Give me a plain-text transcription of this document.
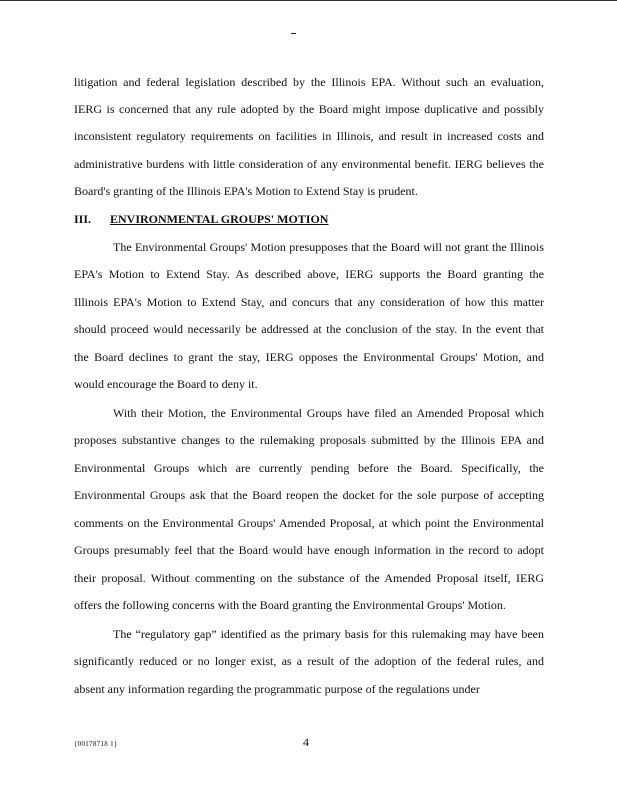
litigation and federal legislation described by the Illinois EPA. Without such an evaluation,
IERG is concerned that any rule adopted by the Board might impose duplicative and possibly
inconsistent regulatory requirements on facilities in Illinois, and result in increased costs and
administrative burdens with little consideration of any environmental benefit. IERG believes the
Board's granting of the Illinois EPA's Motion to Extend Stay is prudent.
III. ENVIRONMENTAL GROUPS' MOTION
The Environmental Groups' Motion presupposes that the Board will not grant the Illinois
EPA's Motion to Extend Stay. As described above, IERG supports the Board granting the
Illinois EPA's Motion to Extend Stay, and concurs that any consideration of how this matter
should proceed would necessarily be addressed at the conclusion of the stay. In the event that
the Board declines to grant the stay, IERG opposes the Environmental Groups' Motion, and
would encourage the Board to deny it.
With their Motion, the Environmental Groups have filed an Amended Proposal which
proposes substantive changes to the rulemaking proposals submitted by the Illinois EPA and
Environmental Groups which are currently pending before the Board. Specifically, the
Environmental Groups ask that the Board reopen the docket for the sole purpose of accepting
comments on the Environmental Groups' Amended Proposal, at which point the Environmental
Groups presumably feel that the Board would have enough information in the record to adopt
their proposal. Without commenting on the substance of the Amended Proposal itself, IERG
offers the following concerns with the Board granting the Environmental Groups' Motion.
The “regulatory gap” identified as the primary basis for this rulemaking may have been
significantly reduced or no longer exist, as a result of the adoption of the federal rules, and
absent any information regarding the programmatic purpose of the regulations under
{00178718 1}	4
